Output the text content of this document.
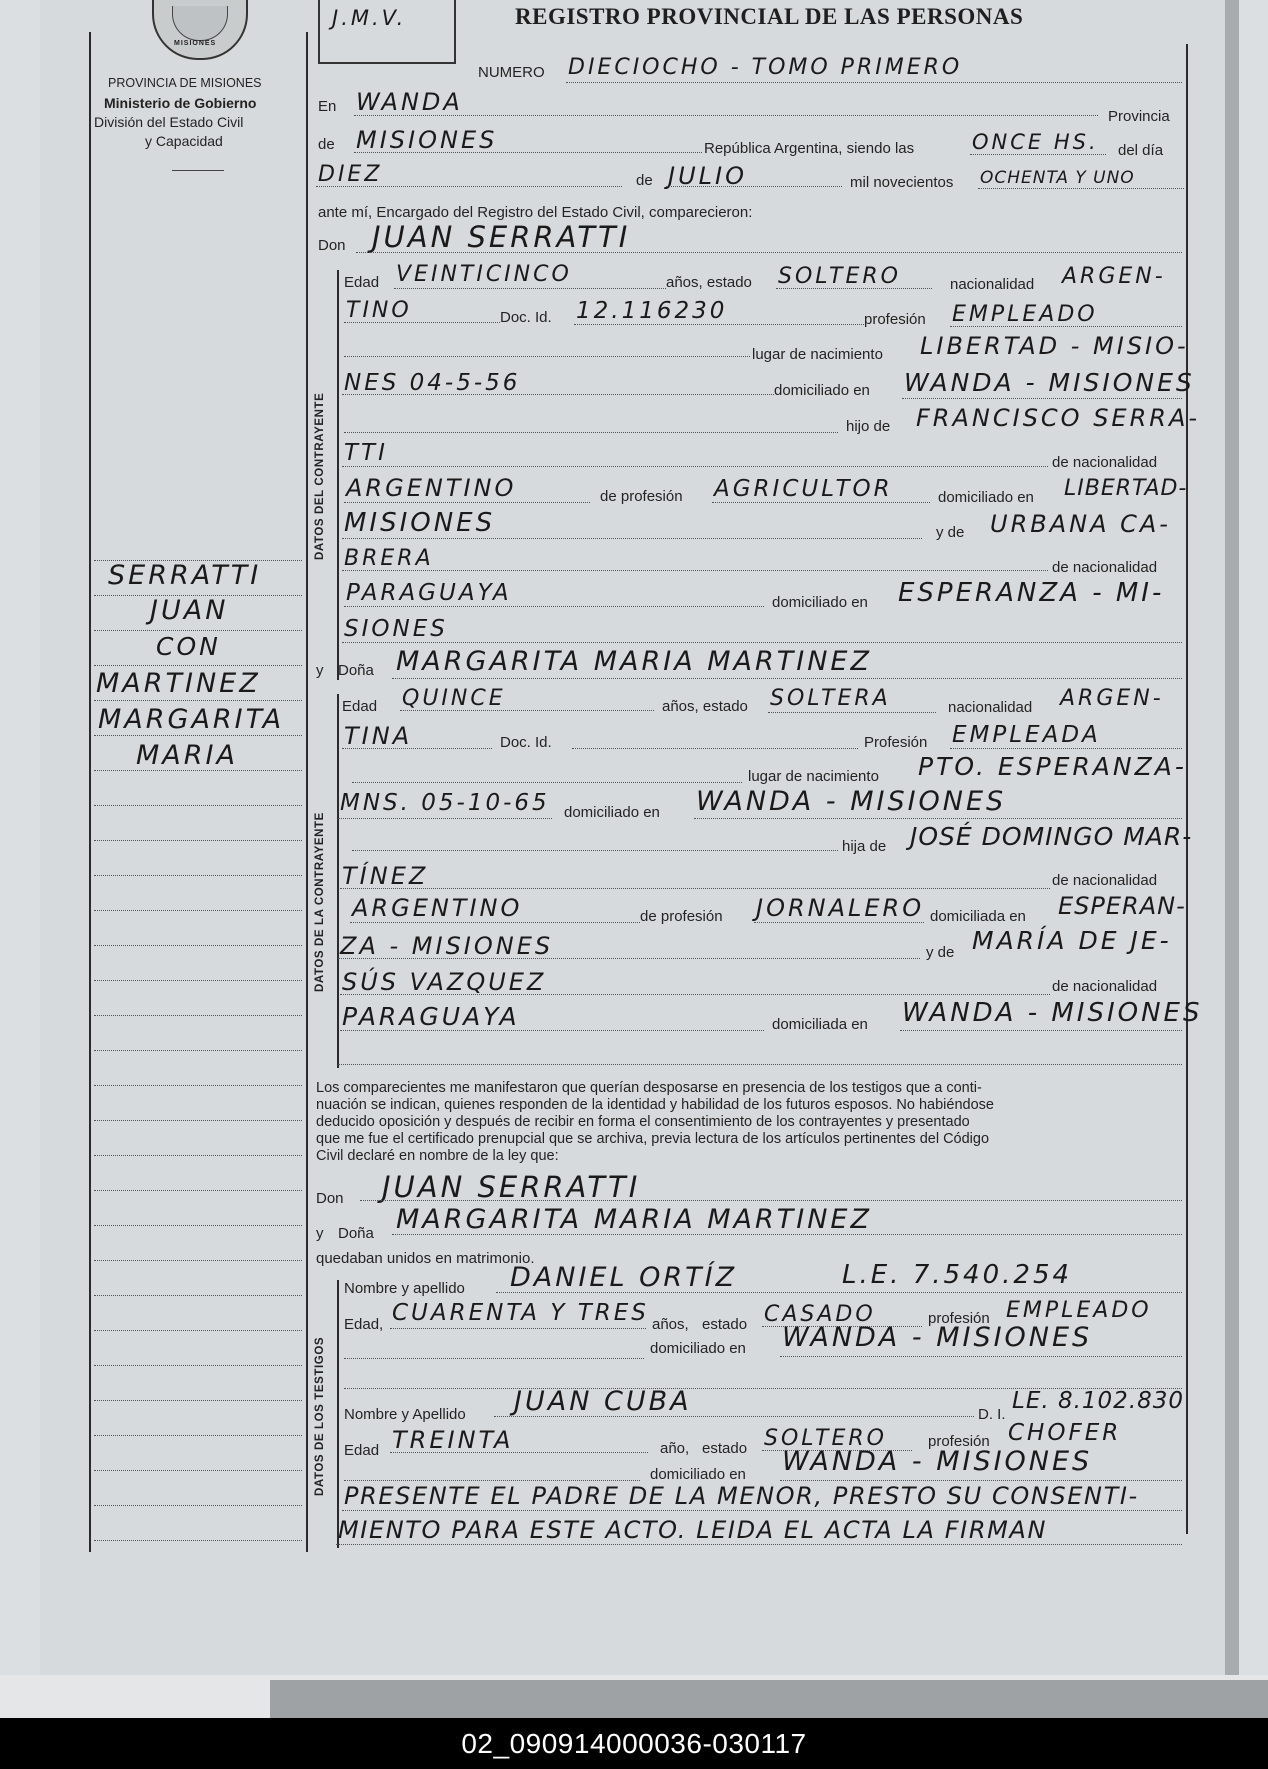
MISIONES
PROVINCIA DE MISIONES
Ministerio de Gobierno
División del Estado Civil
y Capacidad
J.M.V.	REGISTRO PROVINCIAL DE LAS PERSONAS
SERRATTI
JUAN
CON
MARTINEZ
MARGARITA
MARIA
NUMERO DIECIOCHO - TOMO PRIMERO
En WANDA
Provincia
de MISIONES	República Argentina, siendo las	ONCE HS. del día
DIEZ	de JULIO	mil novecientos OCHENTA Y UNO
ante mí, Encargado del Registro del Estado Civil, comparecieron:
Don JUAN SERRATTI
DATOS DEL CONTRAYENTE
Edad VEINTICINCO	años, estado SOLTERO	nacionalidad ARGEN-
TINO	Doc. Id. 12.116230	profesión EMPLEADO
lugar de nacimiento LIBERTAD - MISIO-
NES 04-5-56	domiciliado en WANDA - MISIONES
hijo de FRANCISCO SERRA-
TTI	de nacionalidad
ARGENTINO	de profesión AGRICULTOR	domiciliado en LIBERTAD-
MISIONES	y de URBANA CA-
BRERA	de nacionalidad
PARAGUAYA	domiciliado en ESPERANZA - MI-
SIONES
y Doña MARGARITA MARIA MARTINEZ
DATOS DE LA CONTRAYENTE
Edad QUINCE	años, estado SOLTERA	nacionalidad ARGEN-
TINA	Doc. Id.	Profesión EMPLEADA
lugar de nacimiento PTO. ESPERANZA-
MNS. 05-10-65 domiciliado en WANDA - MISIONES
hija de JOSÉ DOMINGO MAR-
TÍNEZ	de nacionalidad
ARGENTINO	de profesión JORNALERO domiciliada en ESPERAN-
ZA - MISIONES	y de MARÍA DE JE-
SÚS VAZQUEZ	de nacionalidad
PARAGUAYA	domiciliada en WANDA - MISIONES
Los comparecientes me manifestaron que querían desposarse en presencia de los testigos que a conti-
nuación se indican, quienes responden de la identidad y habilidad de los futuros esposos. No habiéndose
deducido oposición y después de recibir en forma el consentimiento de los contrayentes y presentado
que me fue el certificado prenupcial que se archiva, previa lectura de los artículos pertinentes del Código
Civil declaré en nombre de la ley que:
Don JUAN SERRATTI
y Doña MARGARITA MARIA MARTINEZ
quedaban unidos en matrimonio.
DATOS DE LOS TESTIGOS
Nombre y apellido DANIEL ORTÍZ	L.E. 7.540.254
Edad, CUARENTA Y TRES años, estado CASADO	profesión EMPLEADO
domiciliado en WANDA - MISIONES
Nombre y Apellido JUAN CUBA	D. I.
LE. 8.102.830
Edad TREINTA	año, estado SOLTERO	profesión CHOFER
domiciliado en WANDA - MISIONES
PRESENTE EL PADRE DE LA MENOR, PRESTO SU CONSENTI-
MIENTO PARA ESTE ACTO. LEIDA EL ACTA LA FIRMAN
02_090914000036-030117
